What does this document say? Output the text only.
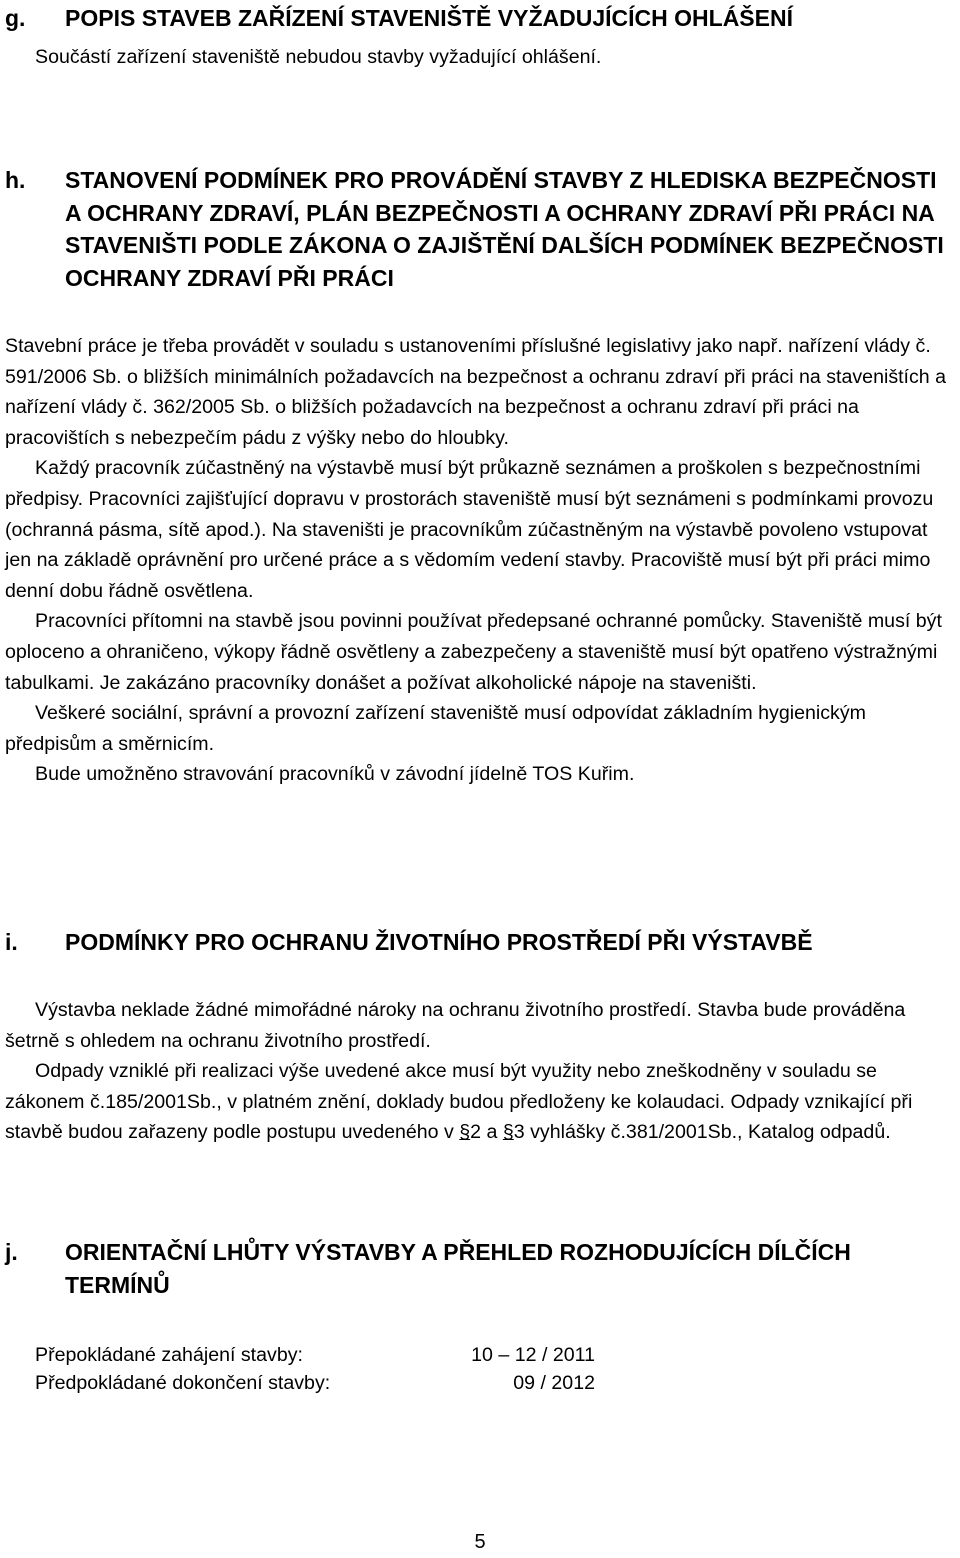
g. POPIS STAVEB ZAŘÍZENÍ STAVENIŠTĚ VYŽADUJÍCÍCH OHLÁŠENÍ

Součástí zařízení staveniště nebudou stavby vyžadující ohlášení.

h. STANOVENÍ PODMÍNEK PRO PROVÁDĚNÍ STAVBY Z HLEDISKA BEZPEČNOSTI A OCHRANY ZDRAVÍ, PLÁN BEZPEČNOSTI A OCHRANY ZDRAVÍ PŘI PRÁCI NA STAVENIŠTI PODLE ZÁKONA O ZAJIŠTĚNÍ DALŠÍCH PODMÍNEK BEZPEČNOSTI OCHRANY ZDRAVÍ PŘI PRÁCI

Stavební práce je třeba provádět v souladu s ustanoveními příslušné legislativy jako např. nařízení vlády č. 591/2006 Sb. o bližších minimálních požadavcích na bezpečnost a ochranu zdraví při práci na staveništích a nařízení vlády č. 362/2005 Sb. o bližších požadavcích na bezpečnost a ochranu zdraví při práci na pracovištích s nebezpečím pádu z výšky nebo do hloubky.

Každý pracovník zúčastněný na výstavbě musí být průkazně seznámen a proškolen s bezpečnostními předpisy. Pracovníci zajišťující dopravu v prostorách staveniště musí být seznámeni s podmínkami provozu (ochranná pásma, sítě apod.). Na staveništi je pracovníkům zúčastněným na výstavbě povoleno vstupovat jen na základě oprávnění pro určené práce a s vědomím vedení stavby. Pracoviště musí být při práci mimo denní dobu řádně osvětlena.

Pracovníci přítomni na stavbě jsou povinni používat předepsané ochranné pomůcky. Staveniště musí být oploceno a ohraničeno, výkopy řádně osvětleny a zabezpečeny a staveniště musí být opatřeno výstražnými tabulkami. Je zakázáno pracovníky donášet a požívat alkoholické nápoje na staveništi.

Veškeré sociální, správní a provozní zařízení staveniště musí odpovídat základním hygienickým předpisům a směrnicím.

Bude umožněno stravování pracovníků v závodní jídelně TOS Kuřim.

i. PODMÍNKY PRO OCHRANU ŽIVOTNÍHO PROSTŘEDÍ PŘI VÝSTAVBĚ

Výstavba neklade žádné mimořádné nároky na ochranu životního prostředí. Stavba bude prováděna šetrně s ohledem na ochranu životního prostředí.

Odpady vzniklé při realizaci výše uvedené akce musí být využity nebo zneškodněny v souladu se zákonem č.185/2001Sb., v platném znění, doklady budou předloženy ke kolaudaci. Odpady vznikající při stavbě budou zařazeny podle postupu uvedeného v §2 a §3 vyhlášky č.381/2001Sb., Katalog odpadů.

j. ORIENTAČNÍ LHŮTY VÝSTAVBY A PŘEHLED ROZHODUJÍCÍCH DÍLČÍCH TERMÍNŮ
Přepokládané zahájení stavby:	10 – 12 / 2011
Předpokládané dokončení stavby:	09 / 2012
5
